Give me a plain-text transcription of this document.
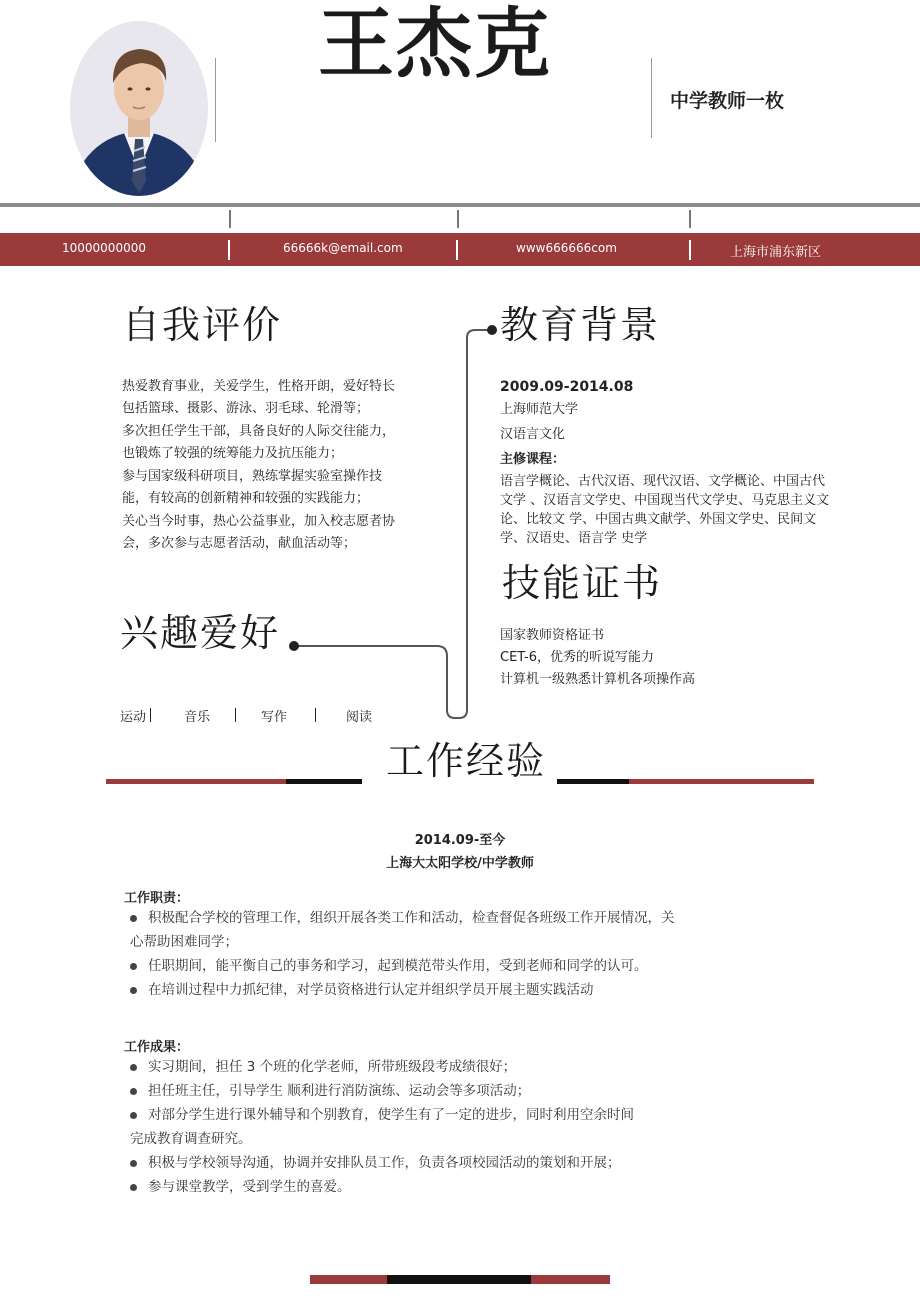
王杰克
中学教师一枚
10000000000	66666k@email.com	www666666com	上海市浦东新区
自我评价

热爱教育事业，关爱学生，性格开朗，爱好特长包括篮球、摄影、游泳、羽毛球、轮滑等；

多次担任学生干部，具备良好的人际交往能力，也锻炼了较强的统筹能力及抗压能力；

参与国家级科研项目，熟练掌握实验室操作技能，有较高的创新精神和较强的实践能力；

关心当今时事，热心公益事业，加入校志愿者协会，多次参与志愿者活动，献血活动等；

教育背景

2009.09-2014.08

上海师范大学

汉语言文化

主修课程：

语言学概论、古代汉语、现代汉语、文学概论、中国古代文学 、汉语言文学史、中国现当代文学史、马克思主义文论、比较文 学、中国古典文献学、外国文学史、民间文学、汉语史、语言学 史学

技能证书

国家教师资格证书

CET-6，优秀的听说写能力

计算机一级熟悉计算机各项操作高

兴趣爱好
运动	音乐	写作	阅读
工作经验
2014.09-至今
上海大太阳学校/中学教师
工作职责：
积极配合学校的管理工作，组织开展各类工作和活动，检查督促各班级工作开展情况，关
心帮助困难同学；
任职期间，能平衡自己的事务和学习，起到模范带头作用，受到老师和同学的认可。
在培训过程中力抓纪律，对学员资格进行认定并组织学员开展主题实践活动
工作成果：
实习期间，担任 3 个班的化学老师，所带班级段考成绩很好；
担任班主任，引导学生 顺利进行消防演练、运动会等多项活动；
对部分学生进行课外辅导和个别教育，使学生有了一定的进步，同时利用空余时间
完成教育调查研究。
积极与学校领导沟通，协调并安排队员工作，负责各项校园活动的策划和开展；
参与课堂教学，受到学生的喜爱。
